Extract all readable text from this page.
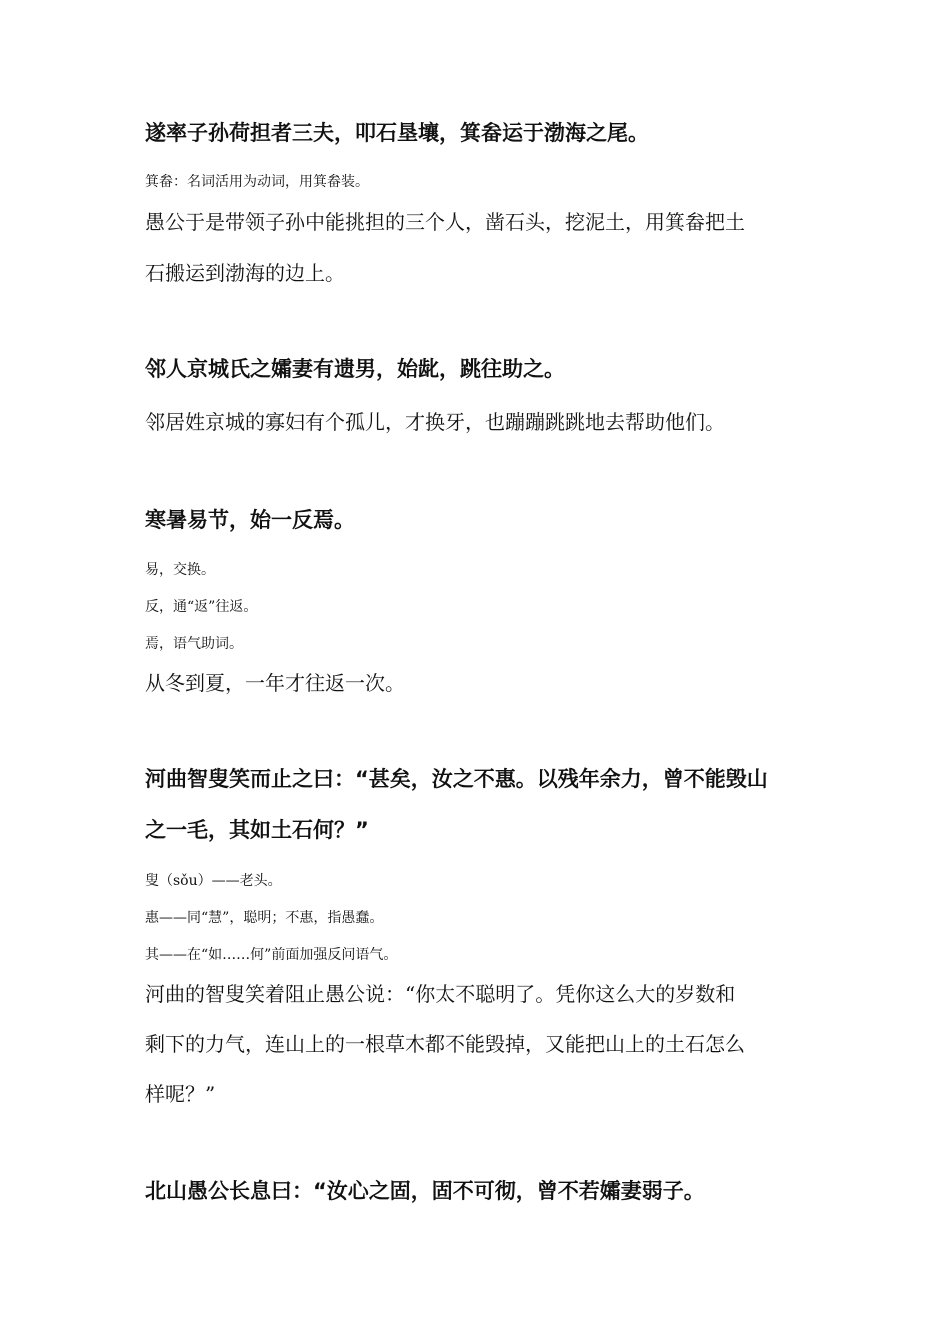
遂率子孙荷担者三夫，叩石垦壤，箕畚运于渤海之尾。
箕畚：名词活用为动词，用箕畚装。
愚公于是带领子孙中能挑担的三个人，凿石头，挖泥土，用箕畚把土
石搬运到渤海的边上。
邻人京城氏之孀妻有遗男，始龀，跳往助之。
邻居姓京城的寡妇有个孤儿，才换牙，也蹦蹦跳跳地去帮助他们。
寒暑易节，始一反焉。
易，交换。
反，通“返”往返。
焉，语气助词。
从冬到夏，一年才往返一次。
河曲智叟笑而止之曰：“甚矣，汝之不惠。以残年余力，曾不能毁山
之一毛，其如土石何？”
叟（sǒu）——老头。
惠——同“慧”，聪明；不惠，指愚蠢。
其——在“如……何”前面加强反问语气。
河曲的智叟笑着阻止愚公说：“你太不聪明了。凭你这么大的岁数和
剩下的力气，连山上的一根草木都不能毁掉，又能把山上的土石怎么
样呢？”
北山愚公长息曰：“汝心之固，固不可彻，曾不若孀妻弱子。
